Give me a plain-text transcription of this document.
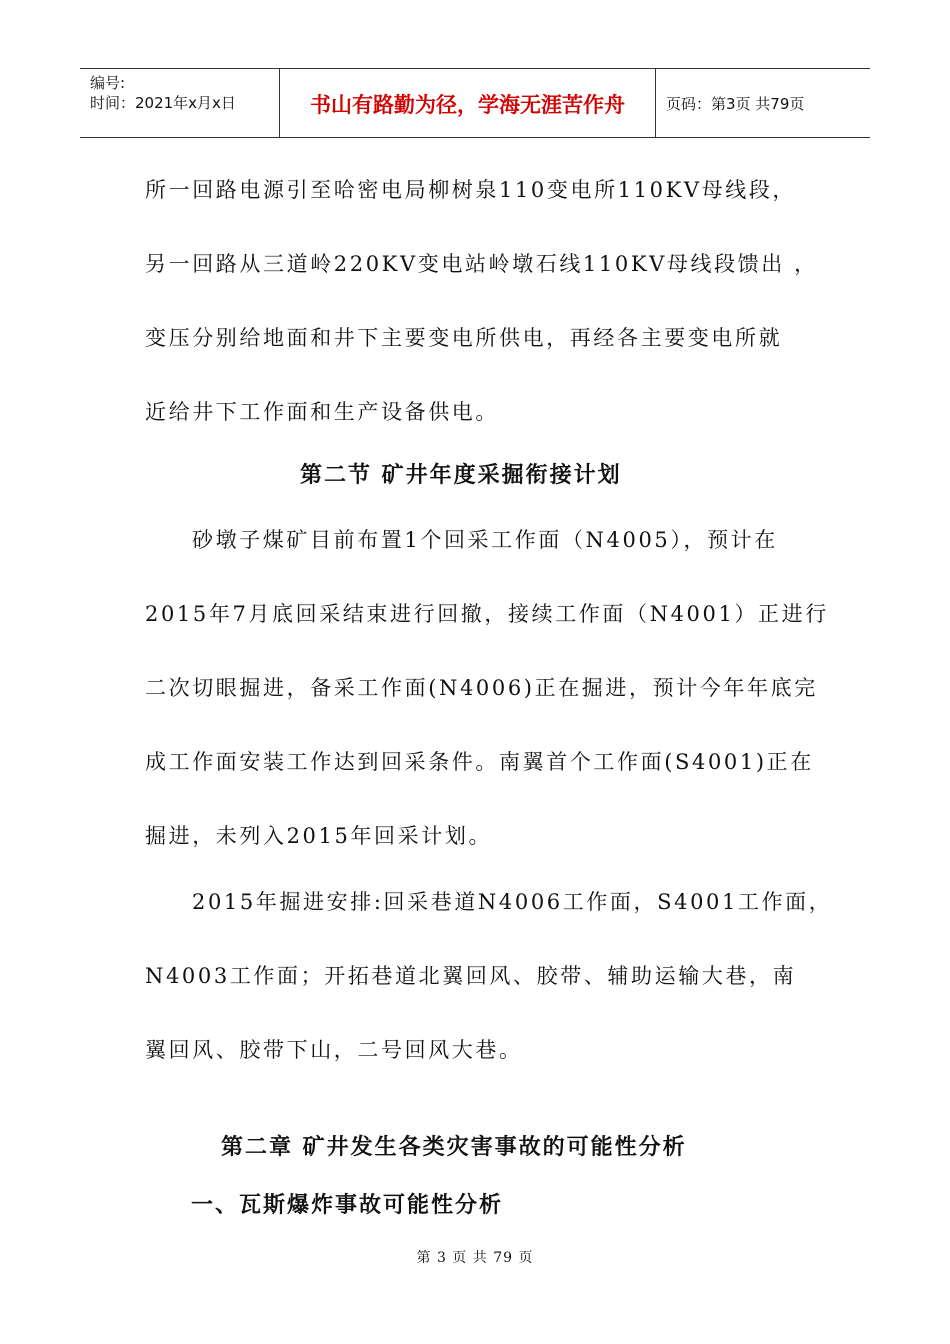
编号:
时间：2021年x月x日	书山有路勤为径，学海无涯苦作舟	页码：第3页 共79页
所一回路电源引至哈密电局柳树泉110变电所110KV母线段，
另一回路从三道岭220KV变电站岭墩石线110KV母线段馈出 ，
变压分别给地面和井下主要变电所供电，再经各主要变电所就
近给井下工作面和生产设备供电。
第二节 矿井年度采掘衔接计划
砂墩子煤矿目前布置1个回采工作面（N4005），预计在
2015年7月底回采结束进行回撤，接续工作面（N4001）正进行
二次切眼掘进，备采工作面(N4006)正在掘进，预计今年年底完
成工作面安装工作达到回采条件。南翼首个工作面(S4001)正在
掘进，未列入2015年回采计划。
2015年掘进安排:回采巷道N4006工作面，S4001工作面，
N4003工作面；开拓巷道北翼回风、胶带、辅助运输大巷，南
翼回风、胶带下山，二号回风大巷。
第二章 矿井发生各类灾害事故的可能性分析
一、瓦斯爆炸事故可能性分析
第 3 页 共 79 页
